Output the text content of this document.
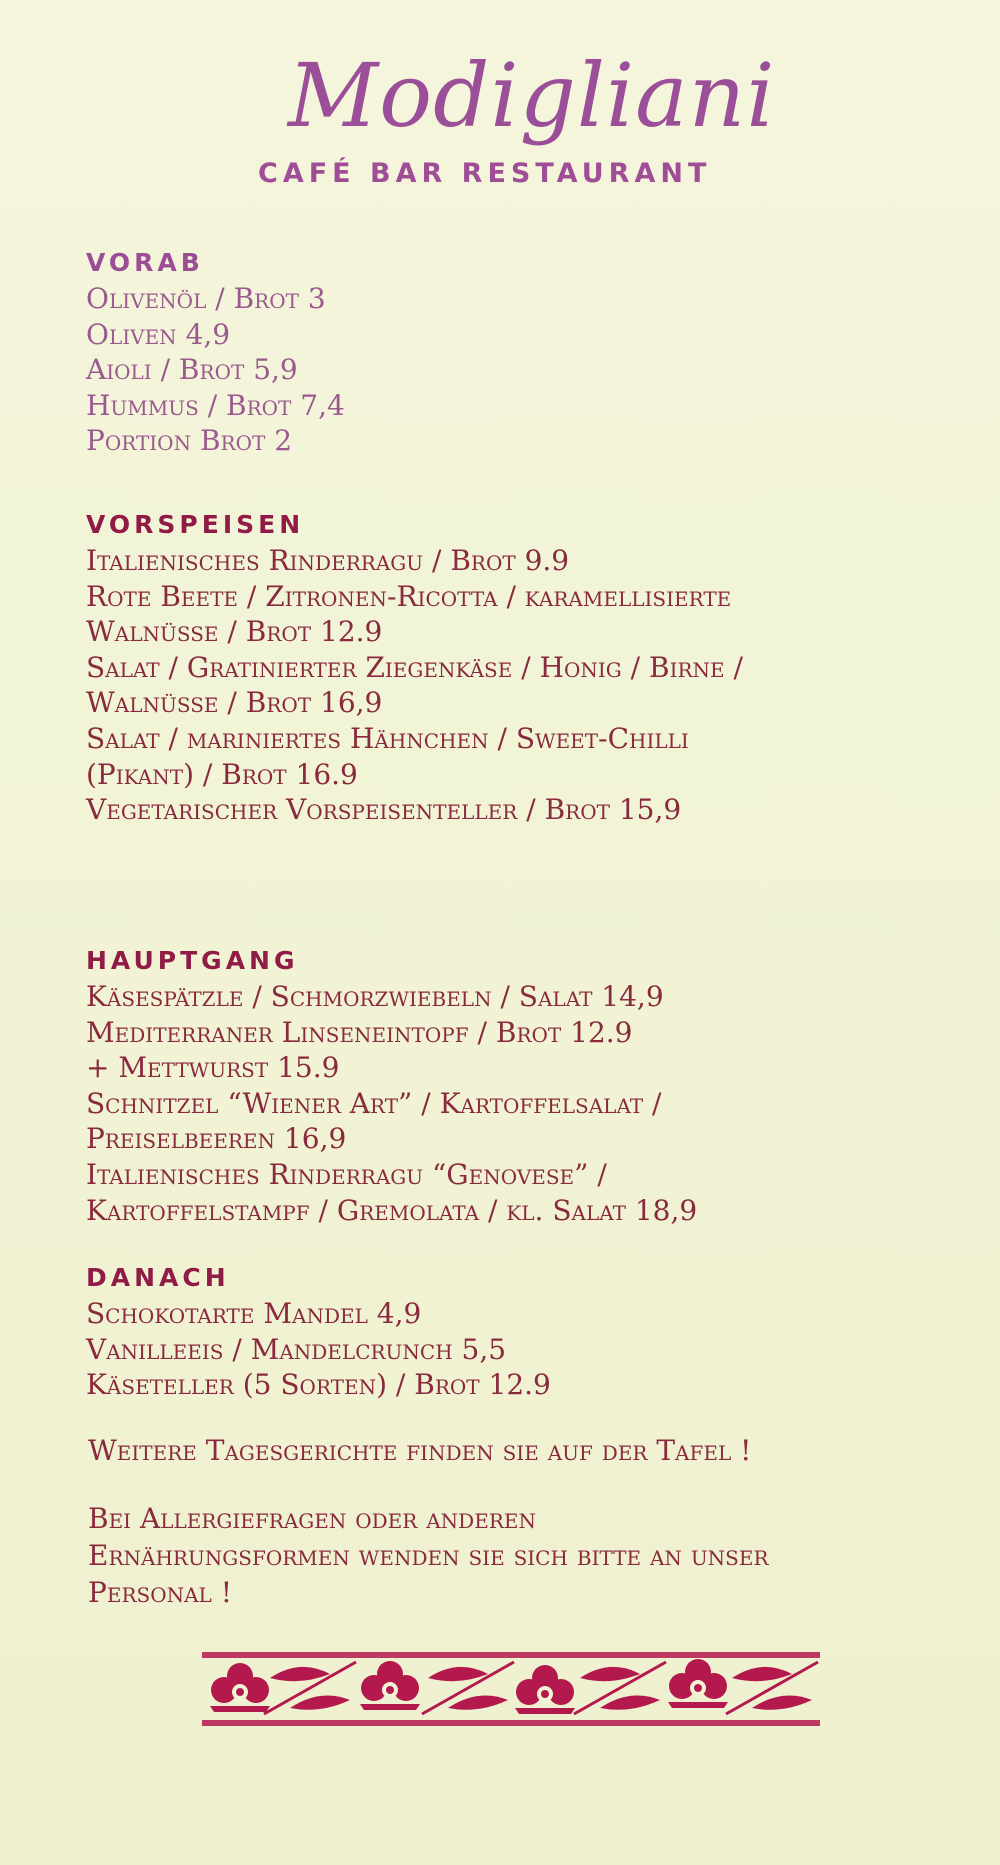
Modigliani
CAFÉ BAR RESTAURANT
VORAB
Olivenöl / Brot 3
Oliven 4,9
Aioli / Brot 5,9
Hummus / Brot 7,4
Portion Brot 2
VORSPEISEN
Italienisches Rinderragu / Brot 9.9
Rote Beete / Zitronen-Ricotta / karamellisierte
Walnüsse / Brot 12.9
Salat / Gratinierter Ziegenkäse / Honig / Birne /
Walnüsse / Brot 16,9
Salat / mariniertes Hähnchen / Sweet-Chilli
(Pikant) / Brot 16.9
Vegetarischer Vorspeisenteller / Brot 15,9
HAUPTGANG
Käsespätzle / Schmorzwiebeln / Salat 14,9
Mediterraner Linseneintopf / Brot 12.9
+ Mettwurst 15.9
Schnitzel “Wiener Art” / Kartoffelsalat /
Preiselbeeren 16,9
Italienisches Rinderragu “Genovese” /
Kartoffelstampf / Gremolata / kl. Salat 18,9
DANACH
Schokotarte Mandel 4,9
Vanilleeis / Mandelcrunch 5,5
Käseteller (5 Sorten) / Brot 12.9
Weitere Tagesgerichte finden sie auf der Tafel !
Bei Allergiefragen oder anderen
Ernährungsformen wenden sie sich bitte an unser
Personal !
